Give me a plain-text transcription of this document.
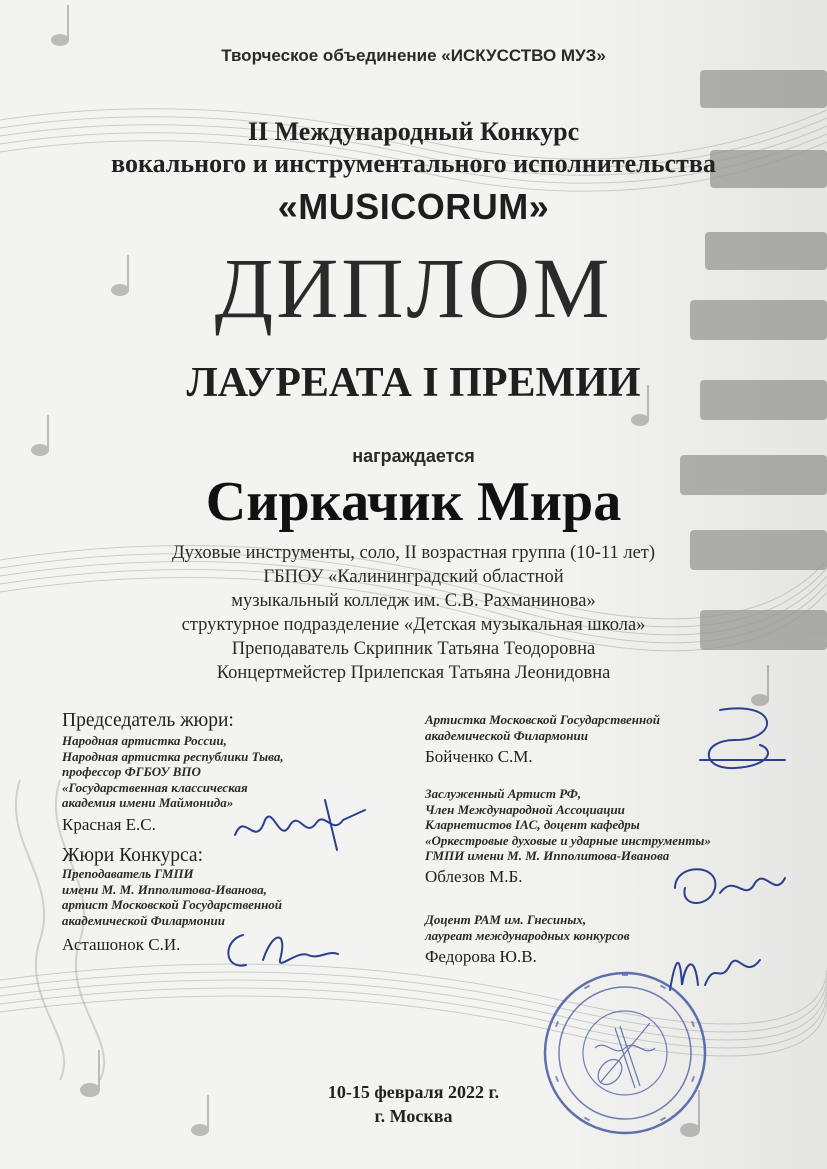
Творческое объединение «ИСКУССТВО МУЗ»
II Международный Конкурс
вокального и инструментального исполнительства
«MUSICORUM»
ДИПЛОМ
ЛАУРЕАТА I ПРЕМИИ
награждается
Сиркачик Мира
Духовые инструменты, соло, II возрастная группа (10-11 лет)
ГБПОУ «Калининградский областной
музыкальный колледж им. С.В. Рахманинова»
структурное подразделение «Детская музыкальная школа»
Преподаватель Скрипник Татьяна Теодоровна
Концертмейстер Прилепская Татьяна Леонидовна
Председатель жюри:
Народная артистка России,
Народная артистка республики Тыва,
профессор ФГБОУ ВПО
«Государственная классическая
академия имени Маймонида»
Красная Е.С.
Жюри Конкурса:
Преподаватель ГМПИ
имени М. М. Ипполитова-Иванова,
артист Московской Государственной
академической Филармонии
Асташонок С.И.
Артистка Московской Государственной
академической Филармонии
Бойченко С.М.
Заслуженный Артист РФ,
Член Международной Ассоциации
Кларнетистов IAC, доцент кафедры
«Оркестровые духовые и ударные инструменты»
ГМПИ имени М. М. Ипполитова-Иванова
Облезов М.Б.
Доцент РАМ им. Гнесиных,
лауреат международных конкурсов
Федорова Ю.В.
10-15 февраля 2022 г.
г. Москва
